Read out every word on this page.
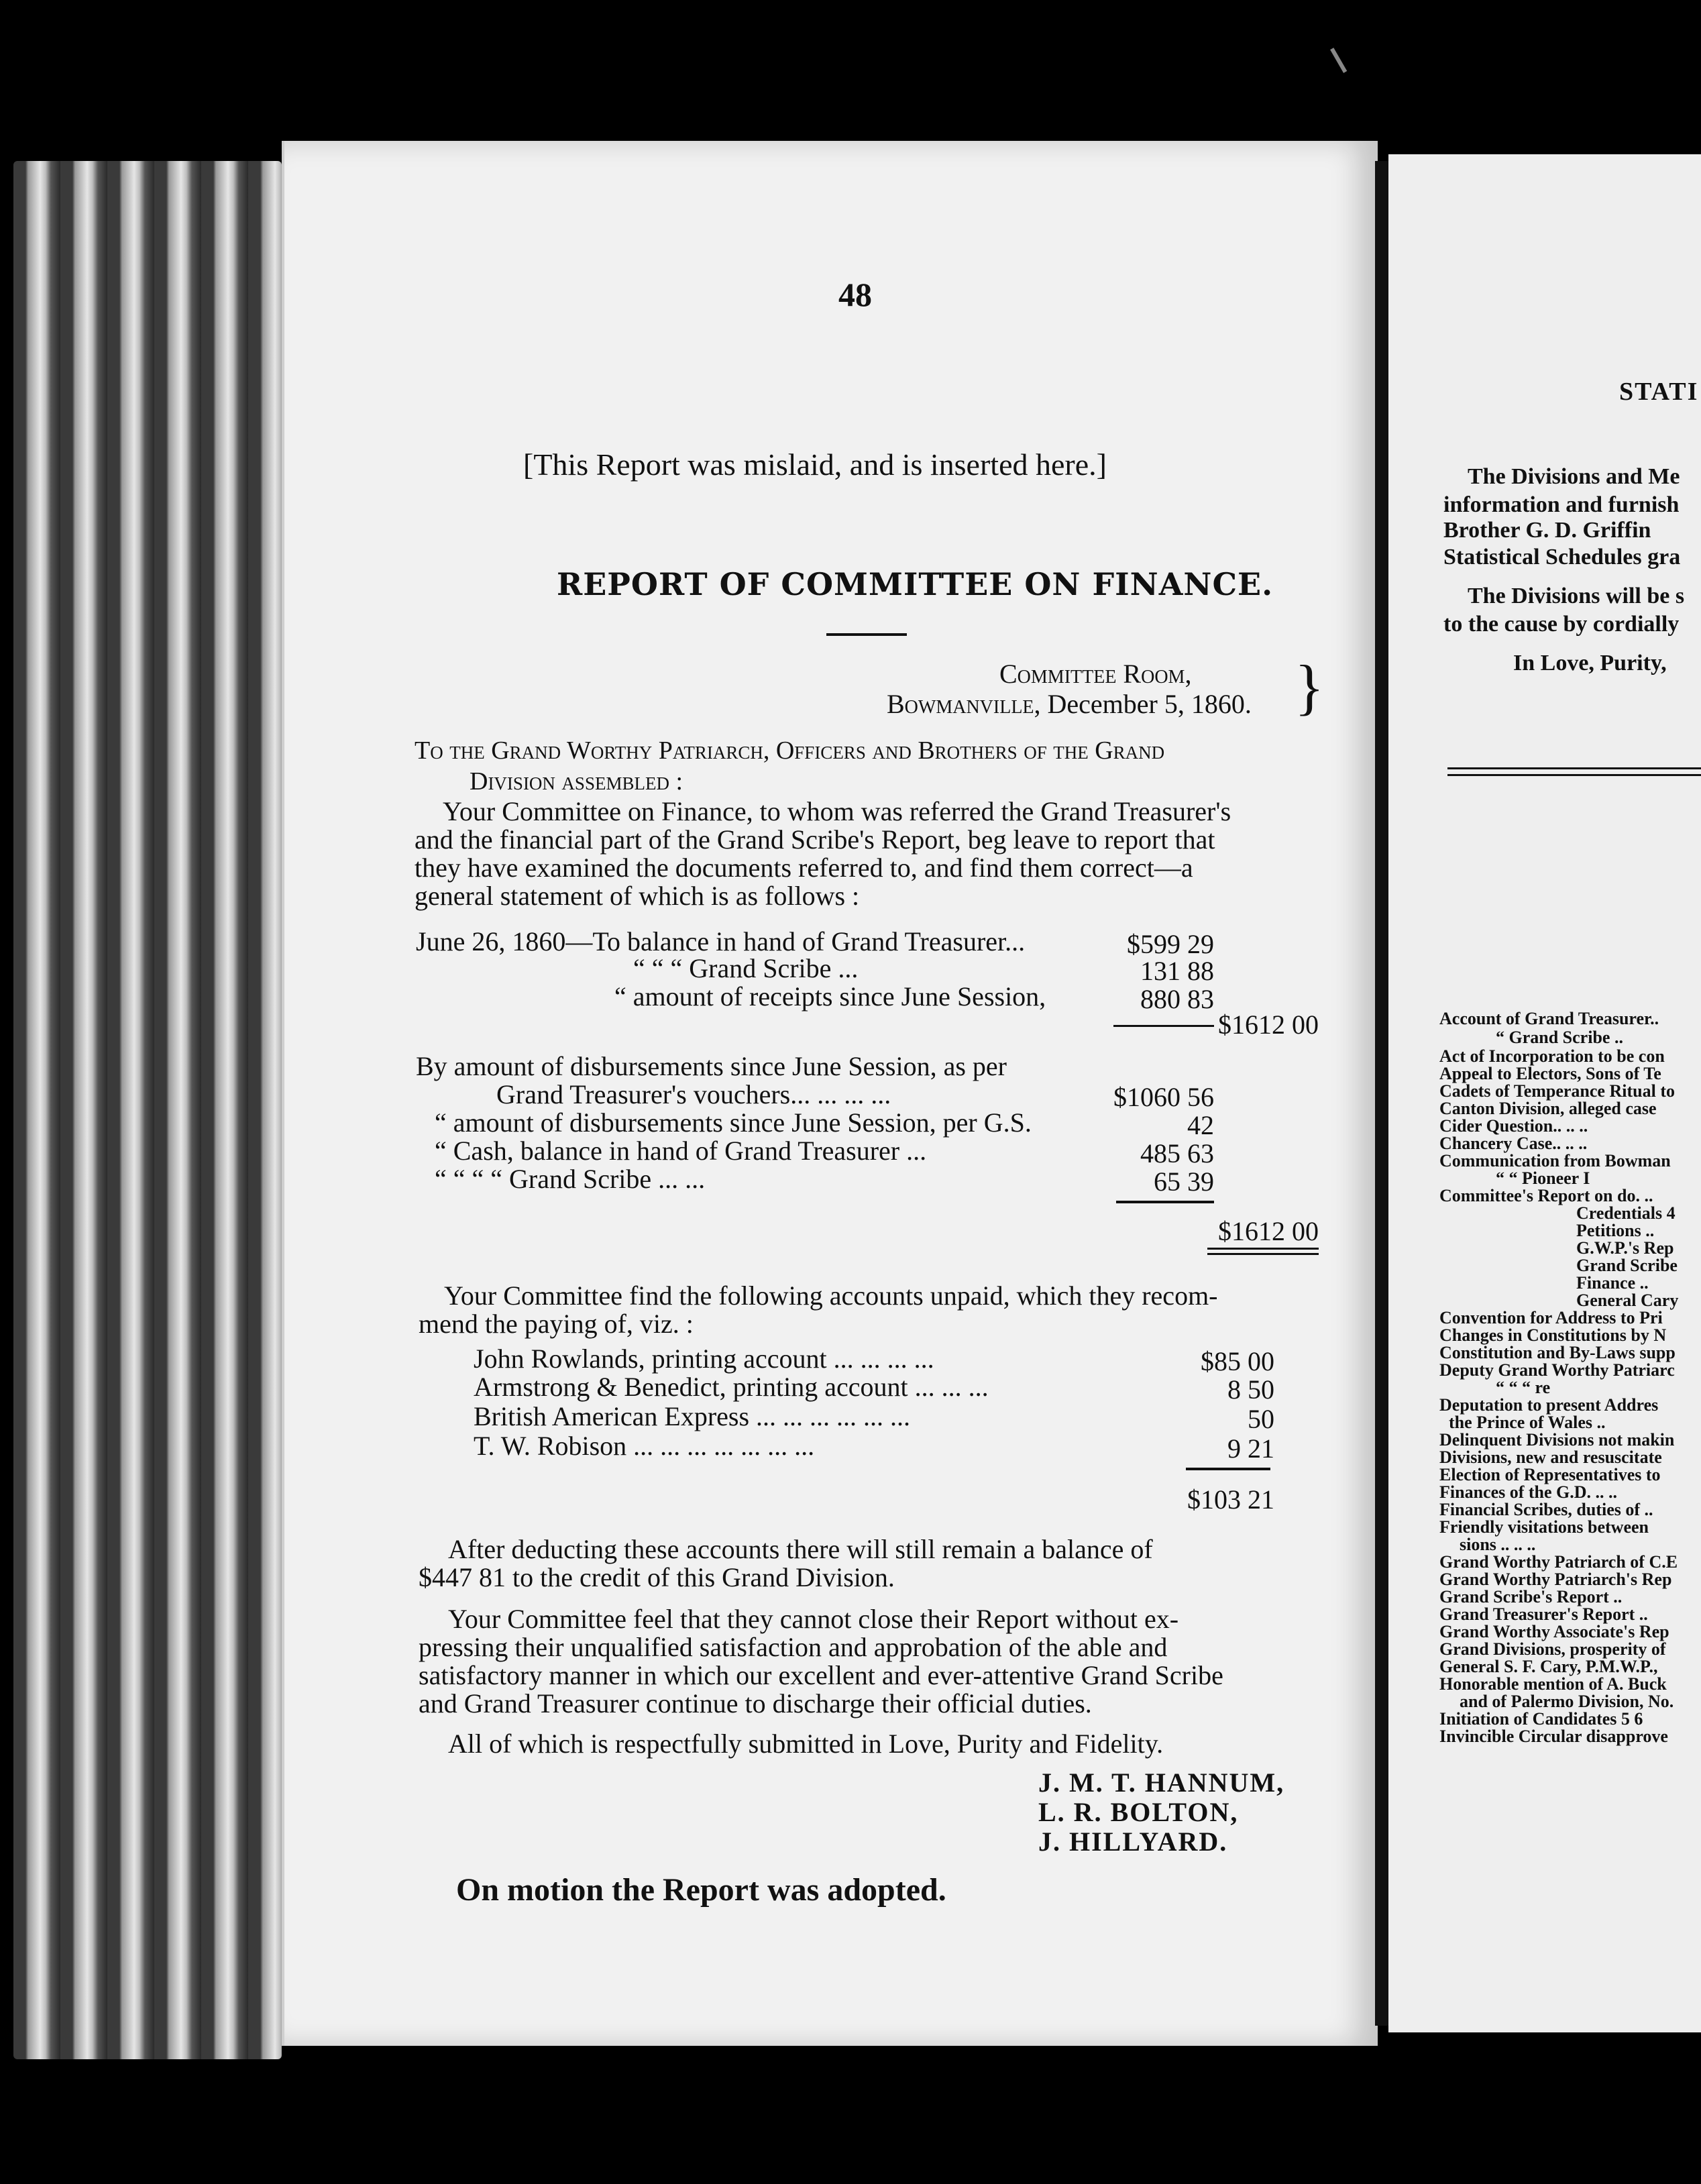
48
[This Report was mislaid, and is inserted here.]
REPORT OF COMMITTEE ON FINANCE.
Committee Room,
Bowmanville, December 5, 1860. }
To the Grand Worthy Patriarch, Officers and Brothers of the Grand
Division assembled :
Your Committee on Finance, to whom was referred the Grand Treasurer's
and the financial part of the Grand Scribe's Report, beg leave to report that
they have examined the documents referred to, and find them correct—a
general statement of which is as follows :
June 26, 1860—To balance in hand of Grand Treasurer...	$599 29
“ “ “ Grand Scribe ...	131 88
“ amount of receipts since June Session,	880 83
$1612 00
By amount of disbursements since June Session, as per
Grand Treasurer's vouchers... ... ... ...	$1060 56
“ amount of disbursements since June Session, per G.S.	42
“ Cash, balance in hand of Grand Treasurer ...	485 63
“ “ “ “ Grand Scribe ... ...	65 39
$1612 00
Your Committee find the following accounts unpaid, which they recom-
mend the paying of, viz. :
John Rowlands, printing account ... ... ... ...	$85 00
Armstrong & Benedict, printing account ... ... ...	8 50
British American Express ... ... ... ... ... ...	50
T. W. Robison ... ... ... ... ... ... ...	9 21
$103 21
After deducting these accounts there will still remain a balance of
$447 81 to the credit of this Grand Division.
Your Committee feel that they cannot close their Report without ex-
pressing their unqualified satisfaction and approbation of the able and
satisfactory manner in which our excellent and ever-attentive Grand Scribe
and Grand Treasurer continue to discharge their official duties.
All of which is respectfully submitted in Love, Purity and Fidelity.
J. M. T. HANNUM,
L. R. BOLTON,
J. HILLYARD.
On motion the Report was adopted.
STATI
The Divisions and Me
information and furnish
Brother G. D. Griffin
Statistical Schedules gra
The Divisions will be s
to the cause by cordially
In Love, Purity,
Account of Grand Treasurer..
“ Grand Scribe ..
Act of Incorporation to be con
Appeal to Electors, Sons of Te
Cadets of Temperance Ritual to
Canton Division, alleged case
Cider Question.. .. ..
Chancery Case.. .. ..
Communication from Bowman
“ “ Pioneer I
Committee's Report on do. ..
Credentials 4
Petitions ..
G.W.P.'s Rep
Grand Scribe
Finance ..
General Cary
Convention for Address to Pri
Changes in Constitutions by N
Constitution and By-Laws supp
Deputy Grand Worthy Patriarc
“ “ “ re
Deputation to present Addres
the Prince of Wales ..
Delinquent Divisions not makin
Divisions, new and resuscitate
Election of Representatives to
Finances of the G.D. .. ..
Financial Scribes, duties of ..
Friendly visitations between
sions .. .. ..
Grand Worthy Patriarch of C.E
Grand Worthy Patriarch's Rep
Grand Scribe's Report ..
Grand Treasurer's Report ..
Grand Worthy Associate's Rep
Grand Divisions, prosperity of
General S. F. Cary, P.M.W.P.,
Honorable mention of A. Buck
and of Palermo Division, No.
Initiation of Candidates 5 6
Invincible Circular disapprove
